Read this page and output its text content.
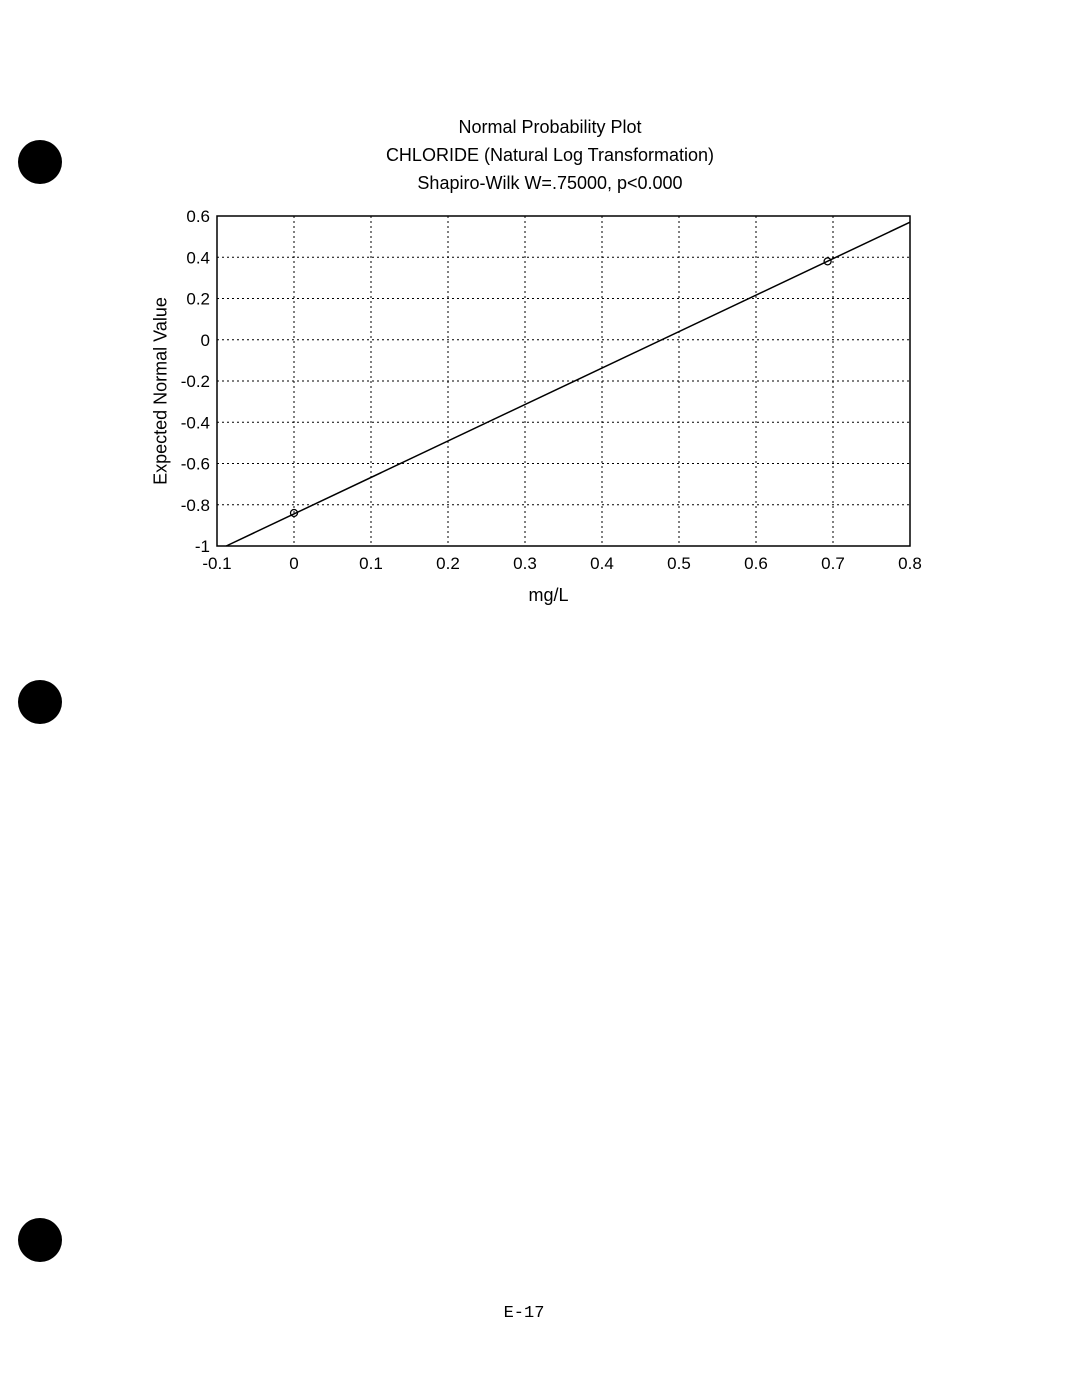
Normal Probability Plot
CHLORIDE (Natural Log Transformation)
Shapiro-Wilk W=.75000, p<0.000
-0.1	0	0.1	0.2	0.3	0.4	0.5	0.6	0.7	0.8
0.6
0.4
0.2
0
-0.2
-0.4
-0.6
-0.8
-1
mg/L
Expected Normal Value
E-17
